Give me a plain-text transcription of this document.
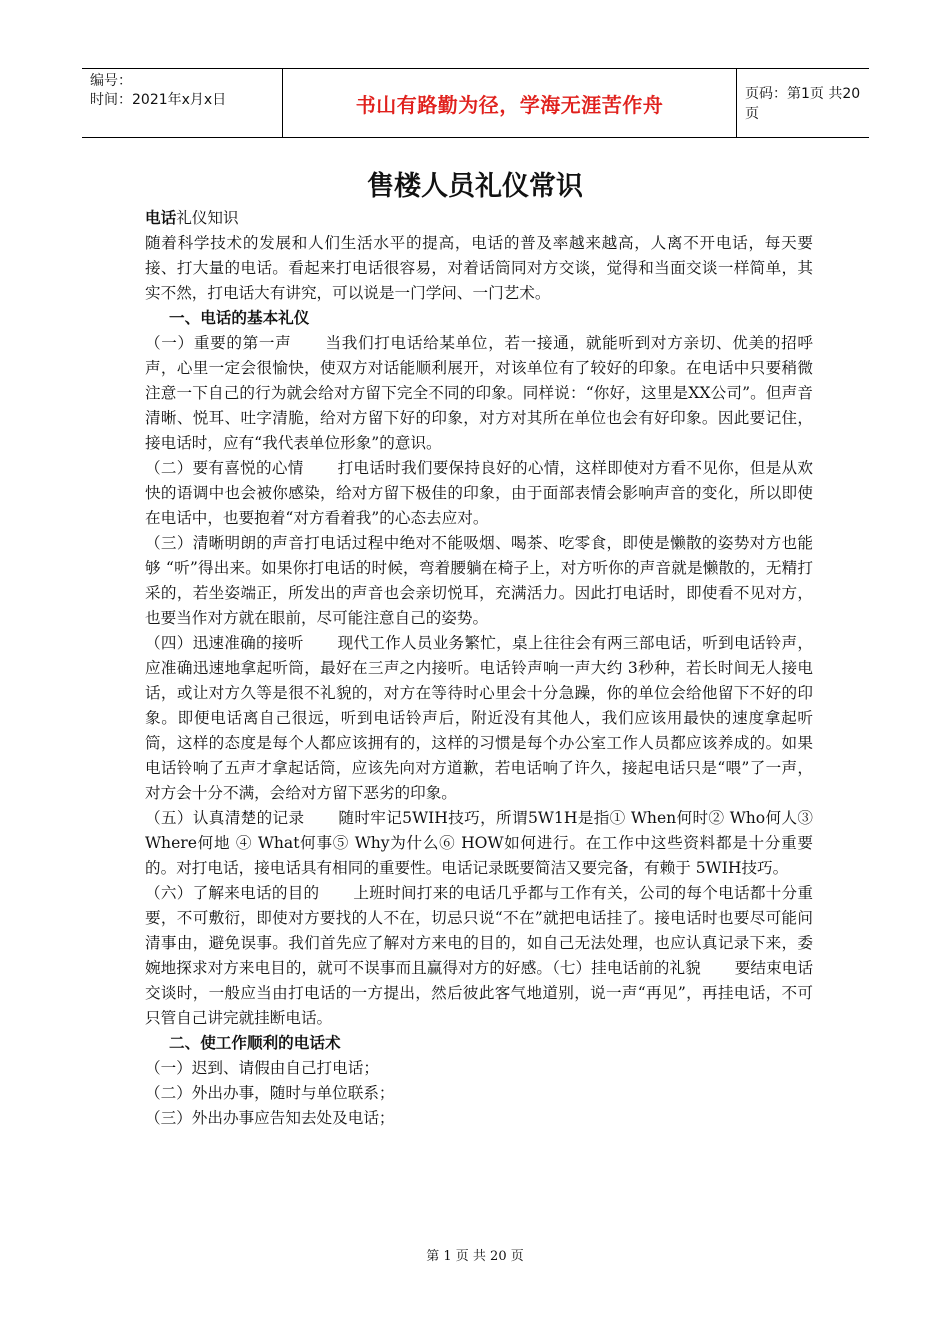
编号：
时间：2021年x月x日	书山有路勤为径，学海无涯苦作舟	页码：第1页 共20页
售楼人员礼仪常识

电话礼仪知识

随着科学技术的发展和人们生活水平的提高，电话的普及率越来越高，人离不开电话，每天要接、打大量的电话。看起来打电话很容易，对着话筒同对方交谈，觉得和当面交谈一样简单，其实不然，打电话大有讲究，可以说是一门学问、一门艺术。

一、电话的基本礼仪

（一）重要的第一声 当我们打电话给某单位，若一接通，就能听到对方亲切、优美的招呼声，心里一定会很愉快，使双方对话能顺利展开，对该单位有了较好的印象。在电话中只要稍微注意一下自己的行为就会给对方留下完全不同的印象。同样说：“你好，这里是XX公司”。但声音清晰、悦耳、吐字清脆，给对方留下好的印象，对方对其所在单位也会有好印象。因此要记住，接电话时，应有“我代表单位形象”的意识。

（二）要有喜悦的心情 打电话时我们要保持良好的心情，这样即使对方看不见你，但是从欢快的语调中也会被你感染，给对方留下极佳的印象，由于面部表情会影响声音的变化，所以即使在电话中，也要抱着“对方看着我”的心态去应对。

（三）清晰明朗的声音打电话过程中绝对不能吸烟、喝茶、吃零食，即使是懒散的姿势对方也能够 “听”得出来。如果你打电话的时候，弯着腰躺在椅子上，对方听你的声音就是懒散的，无精打采的，若坐姿端正，所发出的声音也会亲切悦耳，充满活力。因此打电话时，即使看不见对方，也要当作对方就在眼前，尽可能注意自己的姿势。

（四）迅速准确的接听 现代工作人员业务繁忙，桌上往往会有两三部电话，听到电话铃声，应准确迅速地拿起听筒，最好在三声之内接听。电话铃声响一声大约 3秒种，若长时间无人接电话，或让对方久等是很不礼貌的，对方在等待时心里会十分急躁，你的单位会给他留下不好的印象。即便电话离自己很远，听到电话铃声后，附近没有其他人，我们应该用最快的速度拿起听筒，这样的态度是每个人都应该拥有的，这样的习惯是每个办公室工作人员都应该养成的。如果电话铃响了五声才拿起话筒，应该先向对方道歉，若电话响了许久，接起电话只是“喂”了一声，对方会十分不满，会给对方留下恶劣的印象。

（五）认真清楚的记录 随时牢记5WIH技巧，所谓5W1H是指① When何时② Who何人③ Where何地 ④ What何事⑤ Why为什么⑥ HOW如何进行。在工作中这些资料都是十分重要的。对打电话，接电话具有相同的重要性。电话记录既要简洁又要完备，有赖于 5WIH技巧。

（六）了解来电话的目的 上班时间打来的电话几乎都与工作有关，公司的每个电话都十分重要，不可敷衍，即使对方要找的人不在，切忌只说“不在”就把电话挂了。接电话时也要尽可能问清事由，避免误事。我们首先应了解对方来电的目的，如自己无法处理，也应认真记录下来，委婉地探求对方来电目的，就可不误事而且赢得对方的好感。（七）挂电话前的礼貌 要结束电话交谈时，一般应当由打电话的一方提出，然后彼此客气地道别，说一声“再见”，再挂电话，不可只管自己讲完就挂断电话。

二、使工作顺利的电话术

（一）迟到、请假由自己打电话；

（二）外出办事，随时与单位联系；

（三）外出办事应告知去处及电话；

第 1 页 共 20 页
